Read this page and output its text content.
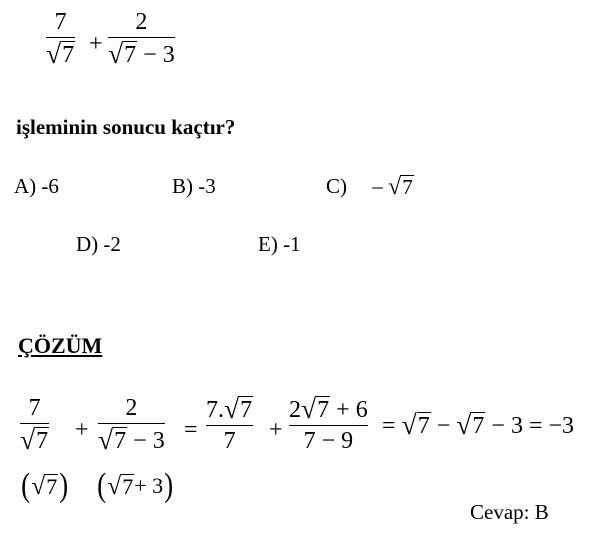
7
√ 7 +
2
√ 7 − 3
işleminin sonucu kaçtır?
A) -6	B) -3	C) – √ 7
D) -2	E) -1
ÇÖZÜM
7
√ 7 +
2
√ 7 − 3 =
7. √ 7
7 +
2 √ 7 + 6
7 − 9
= √ 7 − √ 7 − 3 = −3
( √ 7 ) ( √ 7 + 3 )
Cevap: B
